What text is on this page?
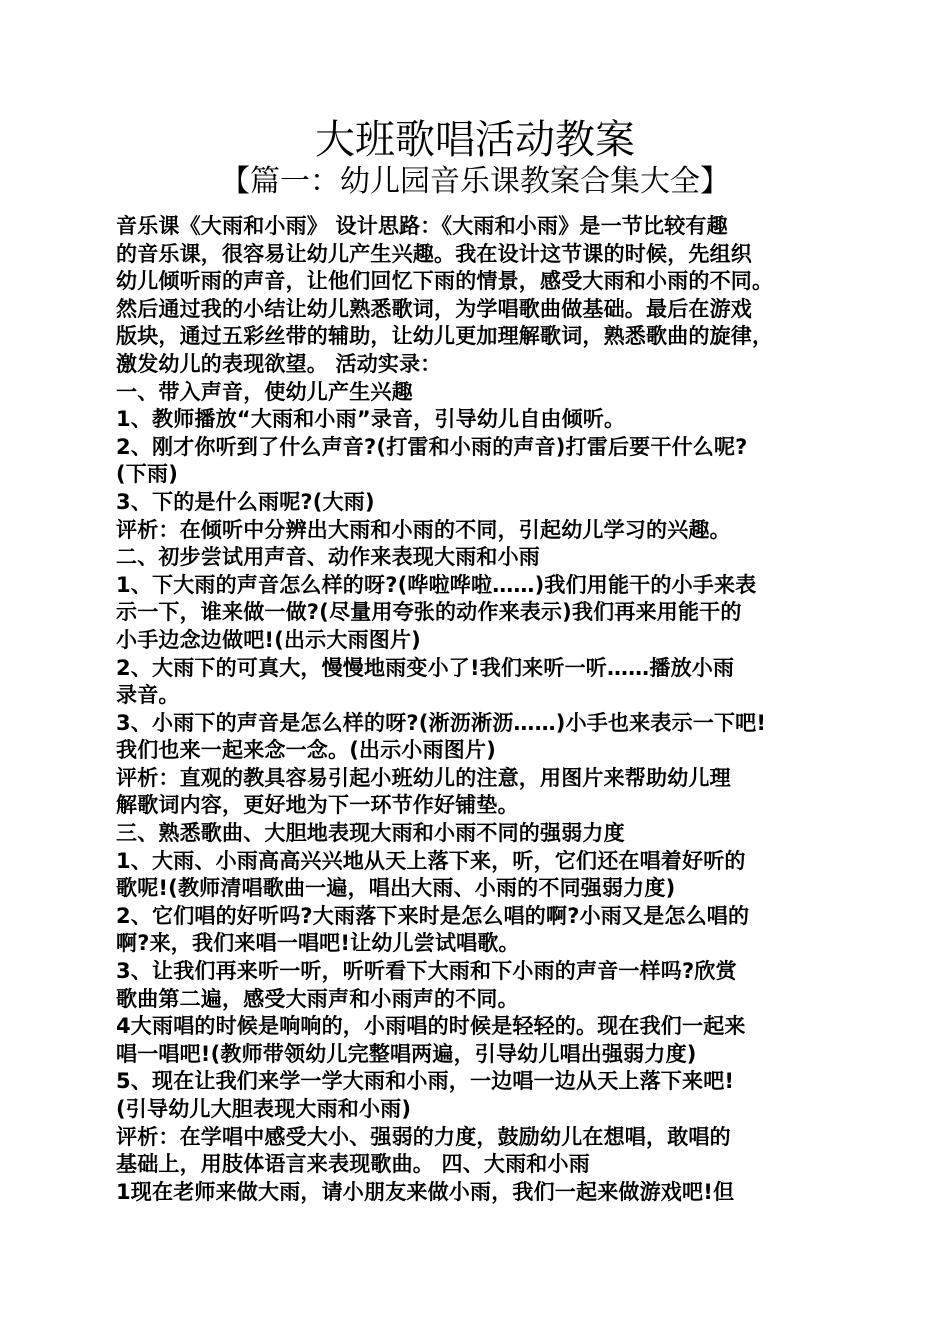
大班歌唱活动教案
【篇一：幼儿园音乐课教案合集大全】
音乐课《大雨和小雨》 设计思路：《大雨和小雨》是一节比较有趣
的音乐课，很容易让幼儿产生兴趣。我在设计这节课的时候，先组织
幼儿倾听雨的声音，让他们回忆下雨的情景，感受大雨和小雨的不同。
然后通过我的小结让幼儿熟悉歌词，为学唱歌曲做基础。最后在游戏
版块，通过五彩丝带的辅助，让幼儿更加理解歌词，熟悉歌曲的旋律，
激发幼儿的表现欲望。 活动实录：
一、带入声音，使幼儿产生兴趣
1、教师播放“大雨和小雨”录音，引导幼儿自由倾听。
2、刚才你听到了什么声音?(打雷和小雨的声音)打雷后要干什么呢?
(下雨)
3、下的是什么雨呢?(大雨)
评析：在倾听中分辨出大雨和小雨的不同，引起幼儿学习的兴趣。
二、初步尝试用声音、动作来表现大雨和小雨
1、下大雨的声音怎么样的呀?(哗啦哗啦……)我们用能干的小手来表
示一下，谁来做一做?(尽量用夸张的动作来表示)我们再来用能干的
小手边念边做吧!(出示大雨图片)
2、大雨下的可真大，慢慢地雨变小了!我们来听一听……播放小雨
录音。
3、小雨下的声音是怎么样的呀?(淅沥淅沥……)小手也来表示一下吧!
我们也来一起来念一念。(出示小雨图片)
评析：直观的教具容易引起小班幼儿的注意，用图片来帮助幼儿理
解歌词内容，更好地为下一环节作好铺垫。
三、熟悉歌曲、大胆地表现大雨和小雨不同的强弱力度
1、大雨、小雨高高兴兴地从天上落下来，听，它们还在唱着好听的
歌呢!(教师清唱歌曲一遍，唱出大雨、小雨的不同强弱力度)
2、它们唱的好听吗?大雨落下来时是怎么唱的啊?小雨又是怎么唱的
啊?来，我们来唱一唱吧!让幼儿尝试唱歌。
3、让我们再来听一听，听听看下大雨和下小雨的声音一样吗?欣赏
歌曲第二遍，感受大雨声和小雨声的不同。
4大雨唱的时候是响响的，小雨唱的时候是轻轻的。现在我们一起来
唱一唱吧!(教师带领幼儿完整唱两遍，引导幼儿唱出强弱力度)
5、现在让我们来学一学大雨和小雨，一边唱一边从天上落下来吧!
(引导幼儿大胆表现大雨和小雨)
评析：在学唱中感受大小、强弱的力度，鼓励幼儿在想唱，敢唱的
基础上，用肢体语言来表现歌曲。 四、大雨和小雨
1现在老师来做大雨，请小朋友来做小雨，我们一起来做游戏吧!但
